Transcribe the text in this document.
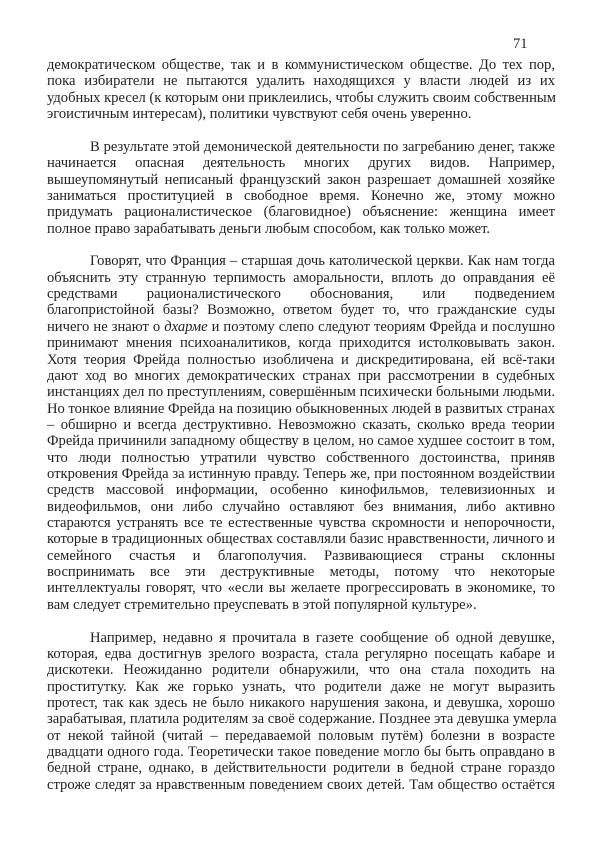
71
демократическом обществе, так и в коммунистическом обществе. До тех пор,
пока избиратели не пытаются удалить находящихся у власти людей из их
удобных кресел (к которым они приклеились, чтобы служить своим собственным
эгоистичным интересам), политики чувствуют себя очень уверенно.
В результате этой демонической деятельности по загребанию денег, также
начинается опасная деятельность многих других видов. Например,
вышеупомянутый неписаный французский закон разрешает домашней хозяйке
заниматься проституцией в свободное время. Конечно же, этому можно
придумать рационалистическое (благовидное) объяснение: женщина имеет
полное право зарабатывать деньги любым способом, как только может.
Говорят, что Франция – старшая дочь католической церкви. Как нам тогда
объяснить эту странную терпимость аморальности, вплоть до оправдания её
средствами рационалистического обоснования, или подведением
благопристойной базы? Возможно, ответом будет то, что гражданские суды
ничего не знают о дхарме и поэтому слепо следуют теориям Фрейда и послушно
принимают мнения психоаналитиков, когда приходится истолковывать закон.
Хотя теория Фрейда полностью изобличена и дискредитирована, ей всё-таки
дают ход во многих демократических странах при рассмотрении в судебных
инстанциях дел по преступлениям, совершённым психически больными людьми.
Но тонкое влияние Фрейда на позицию обыкновенных людей в развитых странах
– обширно и всегда деструктивно. Невозможно сказать, сколько вреда теории
Фрейда причинили западному обществу в целом, но самое худшее состоит в том,
что люди полностью утратили чувство собственного достоинства, приняв
откровения Фрейда за истинную правду. Теперь же, при постоянном воздействии
средств массовой информации, особенно кинофильмов, телевизионных и
видеофильмов, они либо случайно оставляют без внимания, либо активно
стараются устранять все те естественные чувства скромности и непорочности,
которые в традиционных обществах составляли базис нравственности, личного и
семейного счастья и благополучия. Развивающиеся страны склонны
воспринимать все эти деструктивные методы, потому что некоторые
интеллектуалы говорят, что «если вы желаете прогрессировать в экономике, то
вам следует стремительно преуспевать в этой популярной культуре».
Например, недавно я прочитала в газете сообщение об одной девушке,
которая, едва достигнув зрелого возраста, стала регулярно посещать кабаре и
дискотеки. Неожиданно родители обнаружили, что она стала походить на
проститутку. Как же горько узнать, что родители даже не могут выразить
протест, так как здесь не было никакого нарушения закона, и девушка, хорошо
зарабатывая, платила родителям за своё содержание. Позднее эта девушка умерла
от некой тайной (читай – передаваемой половым путём) болезни в возрасте
двадцати одного года. Теоретически такое поведение могло бы быть оправдано в
бедной стране, однако, в действительности родители в бедной стране гораздо
строже следят за нравственным поведением своих детей. Там общество остаётся
